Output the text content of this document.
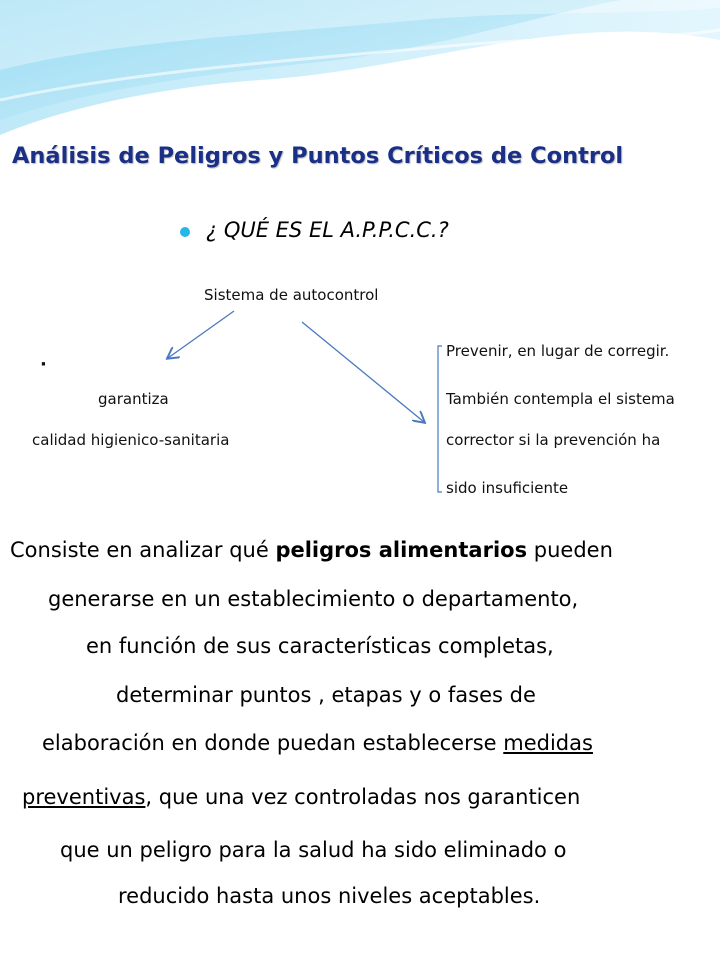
Análisis de Peligros y Puntos Críticos de Control
¿ QUÉ ES EL A.P.P.C.C.?
Sistema de autocontrol
·
garantiza
calidad higienico-sanitaria
Prevenir, en lugar de corregir.
También contempla el sistema
corrector si la prevención ha
sido insuficiente
Consiste en analizar qué peligros alimentarios pueden
generarse en un establecimiento o departamento,
en función de sus características completas,
determinar puntos , etapas y o fases de
elaboración en donde puedan establecerse medidas
preventivas, que una vez controladas nos garanticen
que un peligro para la salud ha sido eliminado o
reducido hasta unos niveles aceptables.
